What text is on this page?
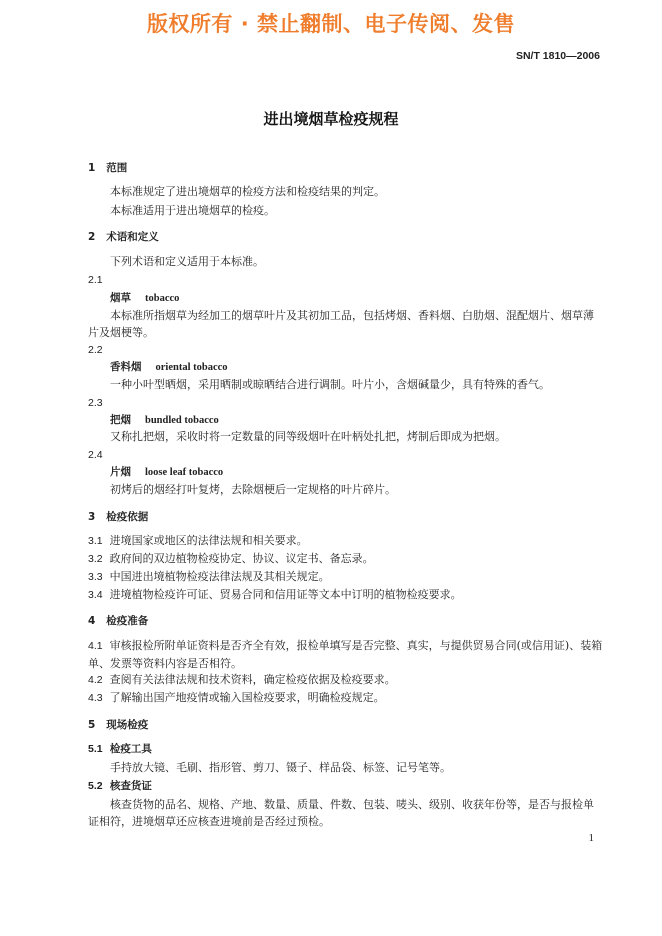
版权所有 · 禁止翻制、电子传阅、发售
SN/T 1810—2006
进出境烟草检疫规程
1 范围
本标准规定了进出境烟草的检疫方法和检疫结果的判定。
本标准适用于进出境烟草的检疫。
2 术语和定义
下列术语和定义适用于本标准。
2.1
烟草 tobacco
本标准所指烟草为经加工的烟草叶片及其初加工品，包括烤烟、香料烟、白肋烟、混配烟片、烟草薄片及烟梗等。
2.2
香料烟 oriental tobacco
一种小叶型晒烟，采用晒制或晾晒结合进行调制。叶片小，含烟碱量少，具有特殊的香气。
2.3
把烟 bundled tobacco
又称扎把烟，采收时将一定数量的同等级烟叶在叶柄处扎把，烤制后即成为把烟。
2.4
片烟 loose leaf tobacco
初烤后的烟经打叶复烤，去除烟梗后一定规格的叶片碎片。
3 检疫依据
3.1 进境国家或地区的法律法规和相关要求。
3.2 政府间的双边植物检疫协定、协议、议定书、备忘录。
3.3 中国进出境植物检疫法律法规及其相关规定。
3.4 进境植物检疫许可证、贸易合同和信用证等文本中订明的植物检疫要求。
4 检疫准备
4.1 审核报检所附单证资料是否齐全有效，报检单填写是否完整、真实，与提供贸易合同(或信用证)、装箱单、发票等资料内容是否相符。
4.2 查阅有关法律法规和技术资料，确定检疫依据及检疫要求。
4.3 了解输出国产地疫情或输入国检疫要求，明确检疫规定。
5 现场检疫
5.1 检疫工具
手持放大镜、毛刷、指形管、剪刀、镊子、样品袋、标签、记号笔等。
5.2 核查货证
核查货物的品名、规格、产地、数量、质量、件数、包装、唛头、级别、收获年份等，是否与报检单证相符，进境烟草还应核查进境前是否经过预检。
1
